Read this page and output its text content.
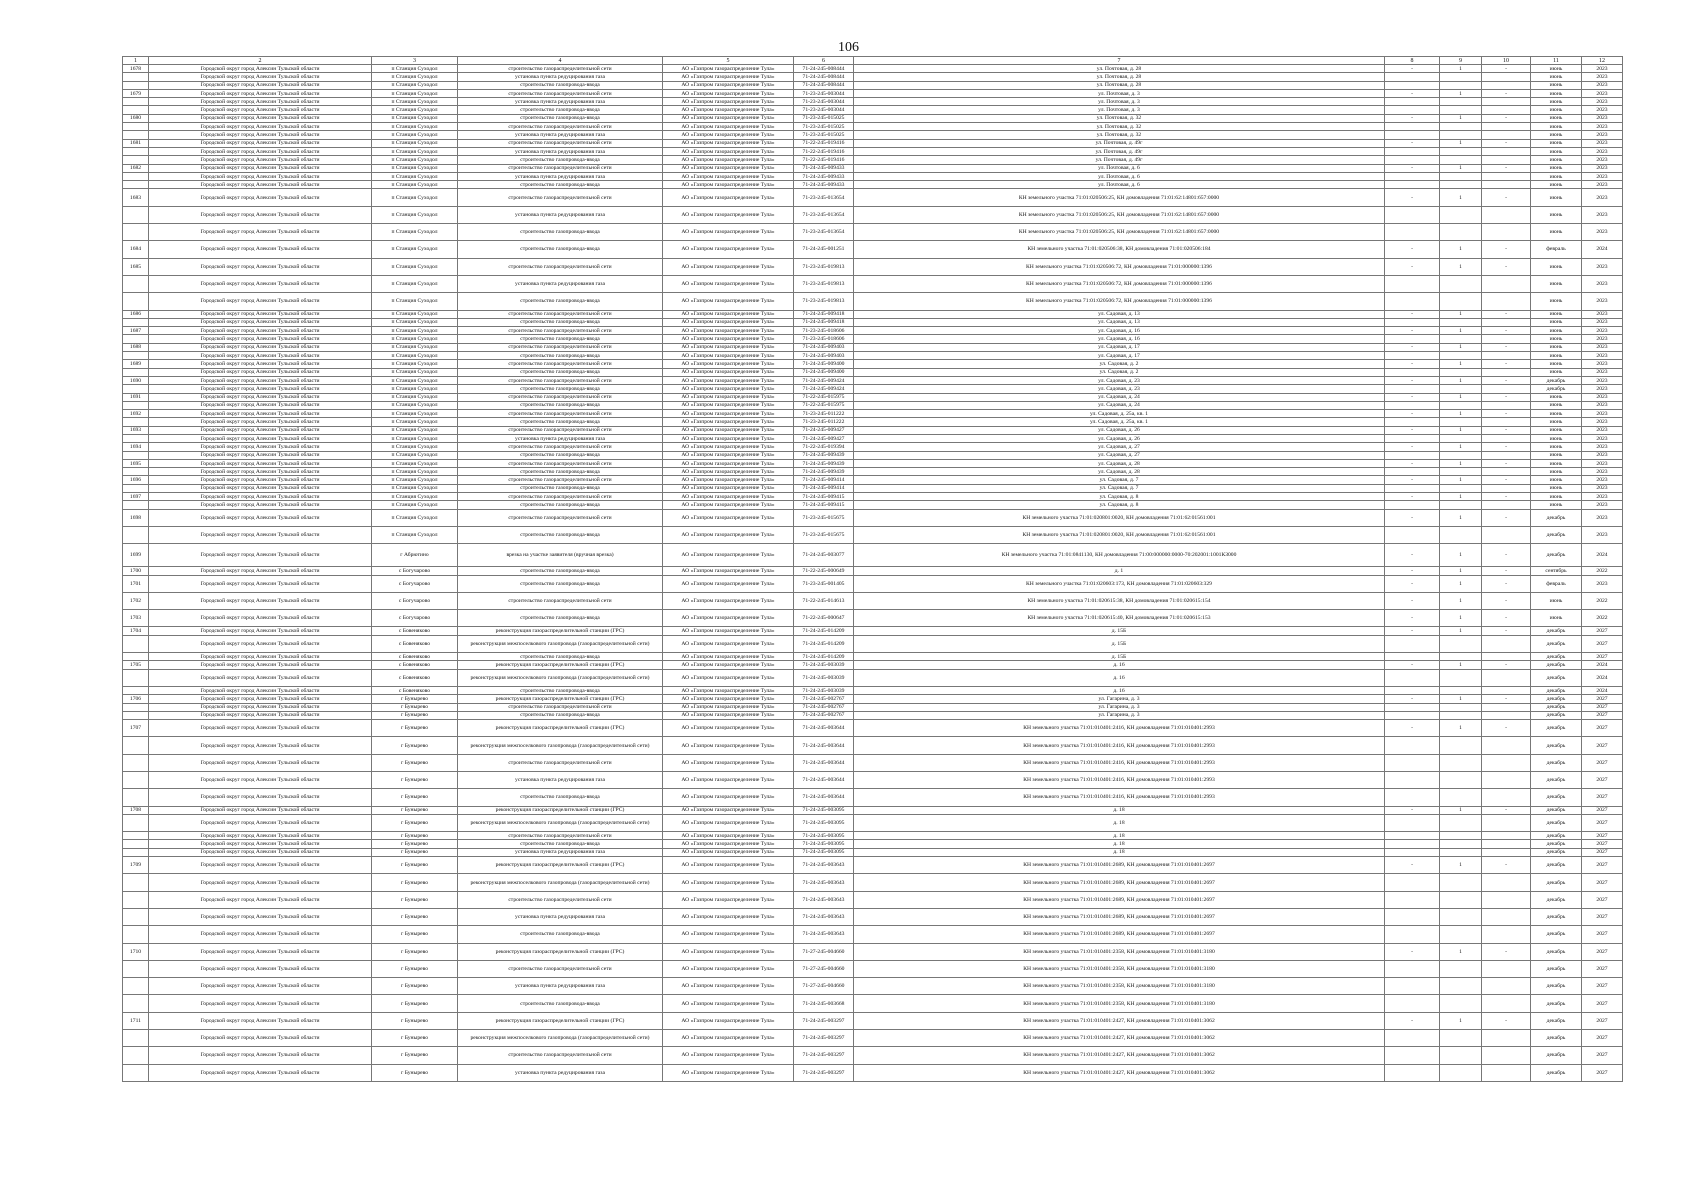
106
1	2	3	4	5	6	7	8	9	10	11	12
1678	Городской округ город Алексин Тульской области	п Станция Суходол	строительство газораспределительной сети	АО «Газпром газораспределение Тула»	71-24-245-008444	ул. Почтовая, д. 28	-	1	-	июнь	2023
	Городской округ город Алексин Тульской области	п Станция Суходол	установка пункта редуцирования газа	АО «Газпром газораспределение Тула»	71-24-245-008444	ул. Почтовая, д. 28				июнь	2023
	Городской округ город Алексин Тульской области	п Станция Суходол	строительство газопровода-ввода	АО «Газпром газораспределение Тула»	71-24-245-008444	ул. Почтовая, д. 28				июнь	2023
1679	Городской округ город Алексин Тульской области	п Станция Суходол	строительство газораспределительной сети	АО «Газпром газораспределение Тула»	71-23-245-003044	ул. Почтовая, д. 3	-	1	-	июнь	2023
	Городской округ город Алексин Тульской области	п Станция Суходол	установка пункта редуцирования газа	АО «Газпром газораспределение Тула»	71-23-245-003044	ул. Почтовая, д. 3				июнь	2023
	Городской округ город Алексин Тульской области	п Станция Суходол	строительство газопровода-ввода	АО «Газпром газораспределение Тула»	71-23-245-003044	ул. Почтовая, д. 3				июнь	2023
1680	Городской округ город Алексин Тульской области	п Станция Суходол	строительство газопровода-ввода	АО «Газпром газораспределение Тула»	71-23-245-015025	ул. Почтовая, д. 32	-	1	-	июнь	2023
	Городской округ город Алексин Тульской области	п Станция Суходол	строительство газораспределительной сети	АО «Газпром газораспределение Тула»	71-23-245-015025	ул. Почтовая, д. 32				июнь	2023
	Городской округ город Алексин Тульской области	п Станция Суходол	установка пункта редуцирования газа	АО «Газпром газораспределение Тула»	71-23-245-015025	ул. Почтовая, д. 32				июнь	2023
1681	Городской округ город Алексин Тульской области	п Станция Суходол	строительство газораспределительной сети	АО «Газпром газораспределение Тула»	71-22-245-019416	ул. Почтовая, д. 49г	-	1	-	июнь	2023
	Городской округ город Алексин Тульской области	п Станция Суходол	установка пункта редуцирования газа	АО «Газпром газораспределение Тула»	71-22-245-019416	ул. Почтовая, д. 49г				июнь	2023
	Городской округ город Алексин Тульской области	п Станция Суходол	строительство газопровода-ввода	АО «Газпром газораспределение Тула»	71-22-245-019416	ул. Почтовая, д. 49г				июнь	2023
1682	Городской округ город Алексин Тульской области	п Станция Суходол	строительство газораспределительной сети	АО «Газпром газораспределение Тула»	71-24-245-009433	ул. Почтовая, д. 6	-	1	-	июнь	2023
	Городской округ город Алексин Тульской области	п Станция Суходол	установка пункта редуцирования газа	АО «Газпром газораспределение Тула»	71-24-245-009433	ул. Почтовая, д. 6				июнь	2023
	Городской округ город Алексин Тульской области	п Станция Суходол	строительство газопровода-ввода	АО «Газпром газораспределение Тула»	71-24-245-009433	ул. Почтовая, д. 6				июнь	2023
1683	Городской округ город Алексин Тульской области	п Станция Суходол	строительство газораспределительной сети	АО «Газпром газораспределение Тула»	71-23-245-013654	КН земельного участка 71:01:020506:25, КН домовладения 71:01:62:14801:657:0000	-	1	-	июнь	2023
	Городской округ город Алексин Тульской области	п Станция Суходол	установка пункта редуцирования газа	АО «Газпром газораспределение Тула»	71-23-245-013654	КН земельного участка 71:01:020506:25, КН домовладения 71:01:62:14801:657:0000				июнь	2023
	Городской округ город Алексин Тульской области	п Станция Суходол	строительство газопровода-ввода	АО «Газпром газораспределение Тула»	71-23-245-013654	КН земельного участка 71:01:020506:25, КН домовладения 71:01:62:14801:657:0000				июнь	2023
1684	Городской округ город Алексин Тульской области	п Станция Суходол	строительство газопровода-ввода	АО «Газпром газораспределение Тула»	71-24-245-001251	КН земельного участка 71:01:020506:38, КН домовладения 71:01:020506:184	-	1	-	февраль	2024
1685	Городской округ город Алексин Тульской области	п Станция Суходол	строительство газораспределительной сети	АО «Газпром газораспределение Тула»	71-23-245-019813	КН земельного участка 71:01:020506:72, КН домовладения 71:01:000000:1396	-	1	-	июнь	2023
	Городской округ город Алексин Тульской области	п Станция Суходол	установка пункта редуцирования газа	АО «Газпром газораспределение Тула»	71-23-245-019813	КН земельного участка 71:01:020506:72, КН домовладения 71:01:000000:1396				июнь	2023
	Городской округ город Алексин Тульской области	п Станция Суходол	строительство газопровода-ввода	АО «Газпром газораспределение Тула»	71-23-245-019813	КН земельного участка 71:01:020506:72, КН домовладения 71:01:000000:1396				июнь	2023
1686	Городской округ город Алексин Тульской области	п Станция Суходол	строительство газораспределительной сети	АО «Газпром газораспределение Тула»	71-24-245-009418	ул. Садовая, д. 13	-	1	-	июнь	2023
	Городской округ город Алексин Тульской области	п Станция Суходол	строительство газопровода-ввода	АО «Газпром газораспределение Тула»	71-24-245-009418	ул. Садовая, д. 13				июнь	2023
1687	Городской округ город Алексин Тульской области	п Станция Суходол	строительство газораспределительной сети	АО «Газпром газораспределение Тула»	71-23-245-018606	ул. Садовая, д. 16	-	1	-	июнь	2023
	Городской округ город Алексин Тульской области	п Станция Суходол	строительство газопровода-ввода	АО «Газпром газораспределение Тула»	71-23-245-018606	ул. Садовая, д. 16				июнь	2023
1688	Городской округ город Алексин Тульской области	п Станция Суходол	строительство газораспределительной сети	АО «Газпром газораспределение Тула»	71-24-245-009403	ул. Садовая, д. 17	-	1	-	июнь	2023
	Городской округ город Алексин Тульской области	п Станция Суходол	строительство газопровода-ввода	АО «Газпром газораспределение Тула»	71-24-245-009403	ул. Садовая, д. 17				июнь	2023
1689	Городской округ город Алексин Тульской области	п Станция Суходол	строительство газораспределительной сети	АО «Газпром газораспределение Тула»	71-24-245-009400	ул. Садовая, д. 2	-	1	-	июнь	2023
	Городской округ город Алексин Тульской области	п Станция Суходол	строительство газопровода-ввода	АО «Газпром газораспределение Тула»	71-24-245-009400	ул. Садовая, д. 2				июнь	2023
1690	Городской округ город Алексин Тульской области	п Станция Суходол	строительство газораспределительной сети	АО «Газпром газораспределение Тула»	71-24-245-009424	ул. Садовая, д. 23	-	1	-	декабрь	2023
	Городской округ город Алексин Тульской области	п Станция Суходол	строительство газопровода-ввода	АО «Газпром газораспределение Тула»	71-24-245-009424	ул. Садовая, д. 23				декабрь	2023
1691	Городской округ город Алексин Тульской области	п Станция Суходол	строительство газораспределительной сети	АО «Газпром газораспределение Тула»	71-22-245-015975	ул. Садовая, д. 24	-	1	-	июнь	2023
	Городской округ город Алексин Тульской области	п Станция Суходол	строительство газопровода-ввода	АО «Газпром газораспределение Тула»	71-22-245-015975	ул. Садовая, д. 24				июнь	2023
1692	Городской округ город Алексин Тульской области	п Станция Суходол	строительство газораспределительной сети	АО «Газпром газораспределение Тула»	71-23-245-011222	ул. Садовая, д. 25а, кв. 1	-	1	-	июнь	2023
	Городской округ город Алексин Тульской области	п Станция Суходол	строительство газопровода-ввода	АО «Газпром газораспределение Тула»	71-23-245-011222	ул. Садовая, д. 25а, кв. 1				июнь	2023
1693	Городской округ город Алексин Тульской области	п Станция Суходол	строительство газораспределительной сети	АО «Газпром газораспределение Тула»	71-24-245-009427	ул. Садовая, д. 26	-	1	-	июнь	2023
	Городской округ город Алексин Тульской области	п Станция Суходол	установка пункта редуцирования газа	АО «Газпром газораспределение Тула»	71-24-245-009427	ул. Садовая, д. 26				июнь	2023
1694	Городской округ город Алексин Тульской области	п Станция Суходол	строительство газораспределительной сети	АО «Газпром газораспределение Тула»	71-22-245-019394	ул. Садовая, д. 27	-	1	-	июнь	2023
	Городской округ город Алексин Тульской области	п Станция Суходол	строительство газопровода-ввода	АО «Газпром газораспределение Тула»	71-24-245-009439	ул. Садовая, д. 27				июнь	2023
1695	Городской округ город Алексин Тульской области	п Станция Суходол	строительство газораспределительной сети	АО «Газпром газораспределение Тула»	71-24-245-009439	ул. Садовая, д. 28	-	1	-	июнь	2023
	Городской округ город Алексин Тульской области	п Станция Суходол	строительство газопровода-ввода	АО «Газпром газораспределение Тула»	71-24-245-009439	ул. Садовая, д. 28				июнь	2023
1696	Городской округ город Алексин Тульской области	п Станция Суходол	строительство газораспределительной сети	АО «Газпром газораспределение Тула»	71-24-245-009414	ул. Садовая, д. 7	-	1	-	июнь	2023
	Городской округ город Алексин Тульской области	п Станция Суходол	строительство газопровода-ввода	АО «Газпром газораспределение Тула»	71-24-245-009414	ул. Садовая, д. 7				июнь	2023
1697	Городской округ город Алексин Тульской области	п Станция Суходол	строительство газораспределительной сети	АО «Газпром газораспределение Тула»	71-24-245-009415	ул. Садовая, д. 8	-	1	-	июнь	2023
	Городской округ город Алексин Тульской области	п Станция Суходол	строительство газопровода-ввода	АО «Газпром газораспределение Тула»	71-24-245-009415	ул. Садовая, д. 8				июнь	2023
1698	Городской округ город Алексин Тульской области	п Станция Суходол	строительство газораспределительной сети	АО «Газпром газораспределение Тула»	71-23-245-015675	КН земельного участка 71:01:020801:0020, КН домовладения 71:01:62:01561:001	-	1	-	декабрь	2023
	Городской округ город Алексин Тульской области	п Станция Суходол	строительство газопровода-ввода	АО «Газпром газораспределение Тула»	71-23-245-015675	КН земельного участка 71:01:020801:0020, КН домовладения 71:01:62:01561:001				декабрь	2023
1699	Городской округ город Алексин Тульской области	г Абрютино	врезка на участке заявителя (вручная врезка)	АО «Газпром газораспределение Тула»	71-24-245-003077	КН земельного участка 71:01:0841130, КН домовладения 71:00:000000:0000-70:202001:1001КЗ000	-	1	-	декабрь	2024
1700	Городской округ город Алексин Тульской области	с Богучарово	строительство газопровода-ввода	АО «Газпром газораспределение Тула»	71-22-245-000649	д. 1	-	1	-	сентябрь	2022
1701	Городской округ город Алексин Тульской области	с Богучарово	строительство газопровода-ввода	АО «Газпром газораспределение Тула»	71-23-245-001405	КН земельного участка 71:01:020603:173, КН домовладения 71:01:020603:329	-	1	-	февраль	2023
1702	Городской округ город Алексин Тульской области	с Богучарово	строительство газораспределительной сети	АО «Газпром газораспределение Тула»	71-22-245-014613	КН земельного участка 71:01:020615:38, КН домовладения 71:01:020615:154	-	1	-	июнь	2022
1703	Городской округ город Алексин Тульской области	с Богучарово	строительство газопровода-ввода	АО «Газпром газораспределение Тула»	71-22-245-000647	КН земельного участка 71:01:020615:40, КН домовладения 71:01:020615:153	-	1	-	июнь	2022
1704	Городской округ город Алексин Тульской области	с Бовеняково	реконструкция газораспределительной станции (ГРС)	АО «Газпром газораспределение Тула»	71-24-245-014209	д. 15Б	-	1	-	декабрь	2027
	Городской округ город Алексин Тульской области	с Бовеняково	реконструкция межпоселкового газопровода (газораспределительной сети)	АО «Газпром газораспределение Тула»	71-24-245-014209	д. 15Б				декабрь	2027
	Городской округ город Алексин Тульской области	с Бовеняково	строительство газопровода-ввода	АО «Газпром газораспределение Тула»	71-24-245-014209	д. 15Б				декабрь	2027
1705	Городской округ город Алексин Тульской области	с Бовеняково	реконструкция газораспределительной станции (ГРС)	АО «Газпром газораспределение Тула»	71-24-245-003039	д. 16	-	1	-	декабрь	2024
	Городской округ город Алексин Тульской области	с Бовеняково	реконструкция межпоселкового газопровода (газораспределительной сети)	АО «Газпром газораспределение Тула»	71-24-245-003039	д. 16				декабрь	2024
	Городской округ город Алексин Тульской области	с Бовеняково	строительство газопровода-ввода	АО «Газпром газораспределение Тула»	71-24-245-003039	д. 16				декабрь	2024
1706	Городской округ город Алексин Тульской области	г Бунырево	реконструкция газораспределительной станции (ГРС)	АО «Газпром газораспределение Тула»	71-24-245-002767	ул. Гагарина, д. 3	-	1	-	декабрь	2027
	Городской округ город Алексин Тульской области	г Бунырево	строительство газораспределительной сети	АО «Газпром газораспределение Тула»	71-24-245-002767	ул. Гагарина, д. 3				декабрь	2027
	Городской округ город Алексин Тульской области	г Бунырево	строительство газопровода-ввода	АО «Газпром газораспределение Тула»	71-24-245-002767	ул. Гагарина, д. 3				декабрь	2027
1707	Городской округ город Алексин Тульской области	г Бунырево	реконструкция газораспределительной станции (ГРС)	АО «Газпром газораспределение Тула»	71-24-245-003644	КН земельного участка 71:01:010401:2416, КН домовладения 71:01:010401:2993	-	1	-	декабрь	2027
	Городской округ город Алексин Тульской области	г Бунырево	реконструкция межпоселкового газопровода (газораспределительной сети)	АО «Газпром газораспределение Тула»	71-24-245-003644	КН земельного участка 71:01:010401:2416, КН домовладения 71:01:010401:2993				декабрь	2027
	Городской округ город Алексин Тульской области	г Бунырево	строительство газораспределительной сети	АО «Газпром газораспределение Тула»	71-24-245-003644	КН земельного участка 71:01:010401:2416, КН домовладения 71:01:010401:2993				декабрь	2027
	Городской округ город Алексин Тульской области	г Бунырево	установка пункта редуцирования газа	АО «Газпром газораспределение Тула»	71-24-245-003644	КН земельного участка 71:01:010401:2416, КН домовладения 71:01:010401:2993				декабрь	2027
	Городской округ город Алексин Тульской области	г Бунырево	строительство газопровода-ввода	АО «Газпром газораспределение Тула»	71-24-245-003644	КН земельного участка 71:01:010401:2416, КН домовладения 71:01:010401:2993				декабрь	2027
1708	Городской округ город Алексин Тульской области	г Бунырево	реконструкция газораспределительной станции (ГРС)	АО «Газпром газораспределение Тула»	71-24-245-003095	д. 18	-	1	-	декабрь	2027
	Городской округ город Алексин Тульской области	г Бунырево	реконструкция межпоселкового газопровода (газораспределительной сети)	АО «Газпром газораспределение Тула»	71-24-245-003095	д. 18				декабрь	2027
	Городской округ город Алексин Тульской области	г Бунырево	строительство газораспределительной сети	АО «Газпром газораспределение Тула»	71-24-245-003095	д. 18				декабрь	2027
	Городской округ город Алексин Тульской области	г Бунырево	строительство газопровода-ввода	АО «Газпром газораспределение Тула»	71-24-245-003095	д. 18				декабрь	2027
	Городской округ город Алексин Тульской области	г Бунырево	установка пункта редуцирования газа	АО «Газпром газораспределение Тула»	71-24-245-003095	д. 18				декабрь	2027
1709	Городской округ город Алексин Тульской области	г Бунырево	реконструкция газораспределительной станции (ГРС)	АО «Газпром газораспределение Тула»	71-24-245-003643	КН земельного участка 71:01:010401:2689, КН домовладения 71:01:010401:2697	-	1	-	декабрь	2027
	Городской округ город Алексин Тульской области	г Бунырево	реконструкция межпоселкового газопровода (газораспределительной сети)	АО «Газпром газораспределение Тула»	71-24-245-003643	КН земельного участка 71:01:010401:2689, КН домовладения 71:01:010401:2697				декабрь	2027
	Городской округ город Алексин Тульской области	г Бунырево	строительство газораспределительной сети	АО «Газпром газораспределение Тула»	71-24-245-003643	КН земельного участка 71:01:010401:2689, КН домовладения 71:01:010401:2697				декабрь	2027
	Городской округ город Алексин Тульской области	г Бунырево	установка пункта редуцирования газа	АО «Газпром газораспределение Тула»	71-24-245-003643	КН земельного участка 71:01:010401:2689, КН домовладения 71:01:010401:2697				декабрь	2027
	Городской округ город Алексин Тульской области	г Бунырево	строительство газопровода-ввода	АО «Газпром газораспределение Тула»	71-24-245-003643	КН земельного участка 71:01:010401:2689, КН домовладения 71:01:010401:2697				декабрь	2027
1710	Городской округ город Алексин Тульской области	г Бунырево	реконструкция газораспределительной станции (ГРС)	АО «Газпром газораспределение Тула»	71-27-245-004660	КН земельного участка 71:01:010401:2358, КН домовладения 71:01:010401:3180	-	1	-	декабрь	2027
	Городской округ город Алексин Тульской области	г Бунырево	строительство газораспределительной сети	АО «Газпром газораспределение Тула»	71-27-245-004660	КН земельного участка 71:01:010401:2358, КН домовладения 71:01:010401:3180				декабрь	2027
	Городской округ город Алексин Тульской области	г Бунырево	установка пункта редуцирования газа	АО «Газпром газораспределение Тула»	71-27-245-004660	КН земельного участка 71:01:010401:2358, КН домовладения 71:01:010401:3180				декабрь	2027
	Городской округ город Алексин Тульской области	г Бунырево	строительство газопровода-ввода	АО «Газпром газораспределение Тула»	71-24-245-003668	КН земельного участка 71:01:010401:2358, КН домовладения 71:01:010401:3180				декабрь	2027
1711	Городской округ город Алексин Тульской области	г Бунырево	реконструкция газораспределительной станции (ГРС)	АО «Газпром газораспределение Тула»	71-24-245-003297	КН земельного участка 71:01:010401:2427, КН домовладения 71:01:010401:3062	-	1	-	декабрь	2027
	Городской округ город Алексин Тульской области	г Бунырево	реконструкция межпоселкового газопровода (газораспределительной сети)	АО «Газпром газораспределение Тула»	71-24-245-003297	КН земельного участка 71:01:010401:2427, КН домовладения 71:01:010401:3062				декабрь	2027
	Городской округ город Алексин Тульской области	г Бунырево	строительство газораспределительной сети	АО «Газпром газораспределение Тула»	71-24-245-003297	КН земельного участка 71:01:010401:2427, КН домовладения 71:01:010401:3062				декабрь	2027
	Городской округ город Алексин Тульской области	г Бунырево	установка пункта редуцирования газа	АО «Газпром газораспределение Тула»	71-24-245-003297	КН земельного участка 71:01:010401:2427, КН домовладения 71:01:010401:3062				декабрь	2027
